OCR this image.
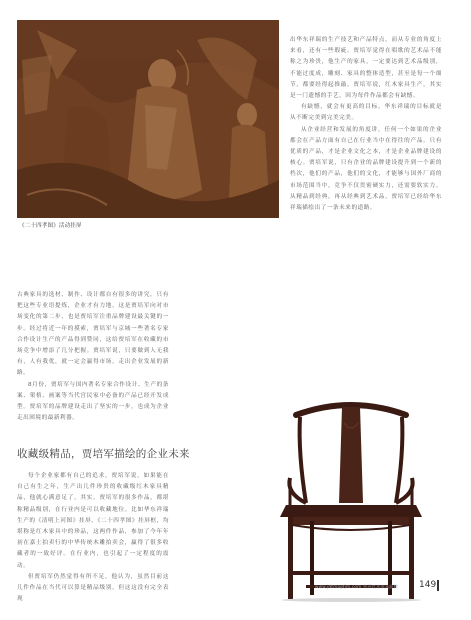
《二十四孝图》活动挂屏

出华东祥瑞的生产技艺和产品特点，而从专业的角度上来看，还有一些瑕疵。贾培军觉得在唱歌的艺术品不能称之为珍贵，他生产的家具，一定要达到艺术品级别，不能过度成，雕刻、家具的整体造型，甚至是每一个细节，都要经得起推敲。贾培军说，红木家具生产，其实是一门遗憾的手艺，因为每件作品都会有缺憾。

有缺憾，就会有更高的目标。华东祥瑞的目标就是从不断完美到完美完美。

从企业经营和发展的角度讲，任何一个如果的企业都会在产品方面有自己在行业当中在得往的产品。只有优质的产品，才是企业文化之本，才是企业品牌建设的核心。贾培军说，只有企业的品牌建设提升到一个新的档次，他们的产品，他们的文化，才能够与国外厂商的市场范围当中，竞争不仅贯密硬实力，还需要软实力。从精品到经典，再从经典到艺术品，贾培军已经给华东祥瑞描绘出了一条未来的道路。

古典家具的选材、制作、设计都自有很多的讲究。只有把这些专业语提炼，企业才有力地，这是贾培军向对市场变化的第二步，也是贾培军注重品牌建设最关键的一步。经过将近一年的摸索，贾培军与京城一些著名专家合作设计生产的产品得到赞同，这给贾培军在收藏的市场竞争中增添了几分把握。贾培军说，只要做到人无我有，人有我优，就一定会赢得市场，走出企业发展的新路。

8月份，贾培军与国内著名专家合作设计、生产的条案、架格、画案等当代宫民家中必备的产品已经开发成型。贾培军的品牌建设走出了坚实的一步，也成为企业走出困境的最新利器。

收藏级精品，贾培军描绘的企业未来

每个企业家都有自己的追求，贾培军说，如果能在自己有生之年，生产出几件珍贵的收藏级红木家具精品，他就心满意足了。其实，贾培军的很多作品，都堪称精品级别，在行业内是可以收藏地位。比如华东祥瑞生产的《清明上河图》挂屏、《二十四孝图》挂屏框，均堪称是红木家具中的珍品，这两件作品，参加了今年年初在嘉士拍卖行的中华传统木雕拍卖会，赢得了很多收藏者的一致好评。在行业内，也引起了一定程度的震动。

但贾培军仍然觉得有所不足，他认为，虽然目前这几件作品在当代可以算是精品级别，但这这没有完全表现

www.jdtmagfjm.com 华声红木家具品牌 149
